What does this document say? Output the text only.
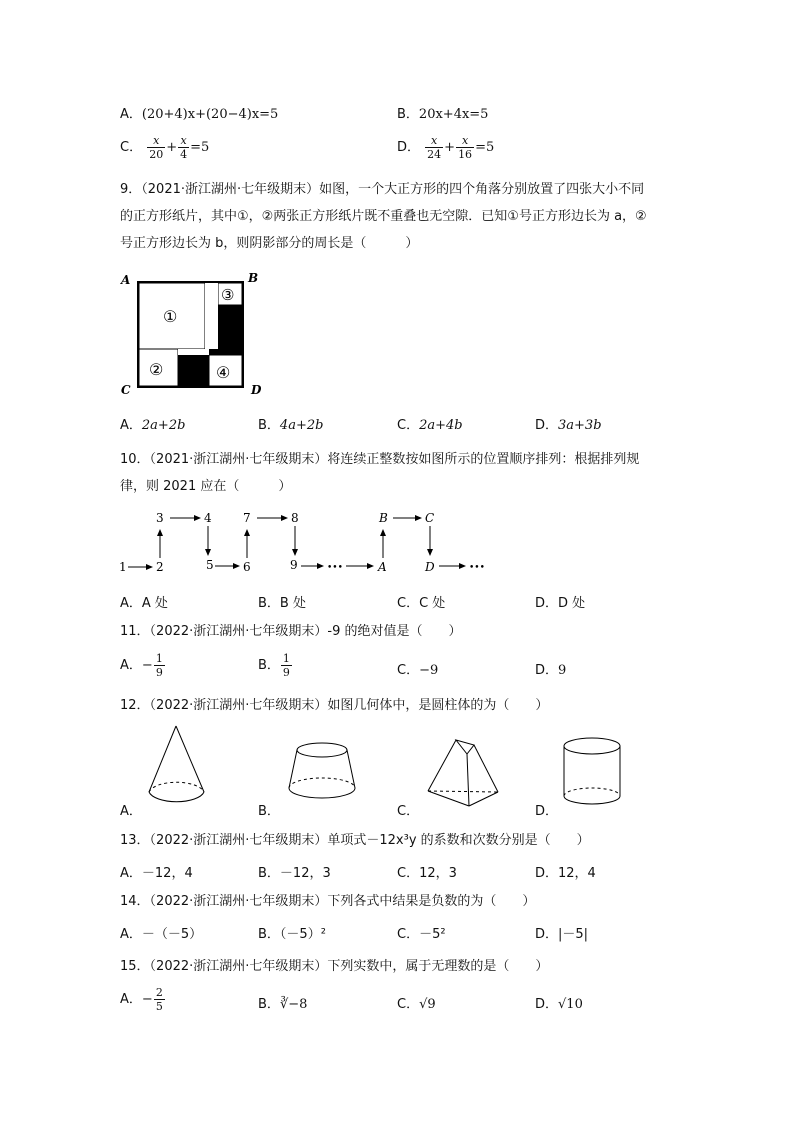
A．(20+4)x+(20−4)x=5	B．20x+4x=5
C． $\frac{x}{20} + \frac{x}{4} =5$	D． $\frac{x}{24} + \frac{x}{16} =5$
9．（2021·浙江湖州·七年级期末）如图，一个大正方形的四个角落分别放置了四张大小不同
的正方形纸片，其中①，②两张正方形纸片既不重叠也无空隙．已知①号正方形边长为 a，②
号正方形边长为 b，则阴影部分的周长是（　　　）
A	B
C	D
①
②
③
④
A．2a+2b	B．4a+2b	C．2a+4b	D．3a+3b
10．（2021·浙江湖州·七年级期末）将连续正整数按如图所示的位置顺序排列：根据排列规
律，则 2021 应在（　　　）
1 2
3	4
5 6
7	8
9	•••	A
B	C
D	•••
A．A 处	B．B 处	C．C 处	D．D 处
11．（2022·浙江湖州·七年级期末）-9 的绝对值是（　　）
A．− $\frac{1}{9}$	B． $\frac{1}{9}$	C．−9	D．9
12．（2022·浙江湖州·七年级期末）如图几何体中，是圆柱体的为（　　）
A．	B．	C．	D．
13．（2022·浙江湖州·七年级期末）单项式－12x³y 的系数和次数分别是（　　）
A．－12，4	B．－12，3	C．12，3	D．12，4
14．（2022·浙江湖州·七年级期末）下列各式中结果是负数的为（　　）
A．－（－5）	B．（－5）²	C．－5²	D．|－5|
15．（2022·浙江湖州·七年级期末）下列实数中，属于无理数的是（　　）
A．− $\frac{2}{5}$	B．∛−8	C．√9	D．√10
